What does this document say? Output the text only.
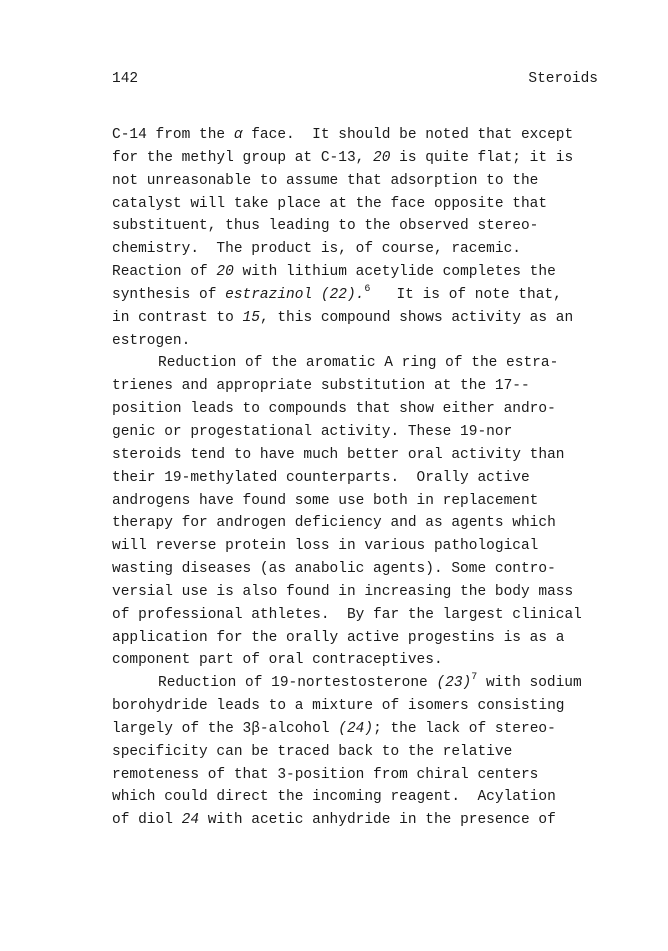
142	Steroids
C-14 from the α face.  It should be noted that except
for the methyl group at C-13, 20 is quite flat; it is
not unreasonable to assume that adsorption to the
catalyst will take place at the face opposite that
substituent, thus leading to the observed stereo-
chemistry.  The product is, of course, racemic.
Reaction of 20 with lithium acetylide completes the
synthesis of estrazinol (22).$^6$   It is of note that,
in contrast to 15, this compound shows activity as an
estrogen.
Reduction of the aromatic A ring of the estra-
trienes and appropriate substitution at the 17--
position leads to compounds that show either andro-
genic or progestational activity. These 19-nor
steroids tend to have much better oral activity than
their 19-methylated counterparts.  Orally active
androgens have found some use both in replacement
therapy for androgen deficiency and as agents which
will reverse protein loss in various pathological
wasting diseases (as anabolic agents). Some contro-
versial use is also found in increasing the body mass
of professional athletes.  By far the largest clinical
application for the orally active progestins is as a
component part of oral contraceptives.
Reduction of 19-nortestosterone $(23)^7$ with sodium
borohydride leads to a mixture of isomers consisting
largely of the 3β-alcohol (24); the lack of stereo-
specificity can be traced back to the relative
remoteness of that 3-position from chiral centers
which could direct the incoming reagent.  Acylation
of diol 24 with acetic anhydride in the presence of
